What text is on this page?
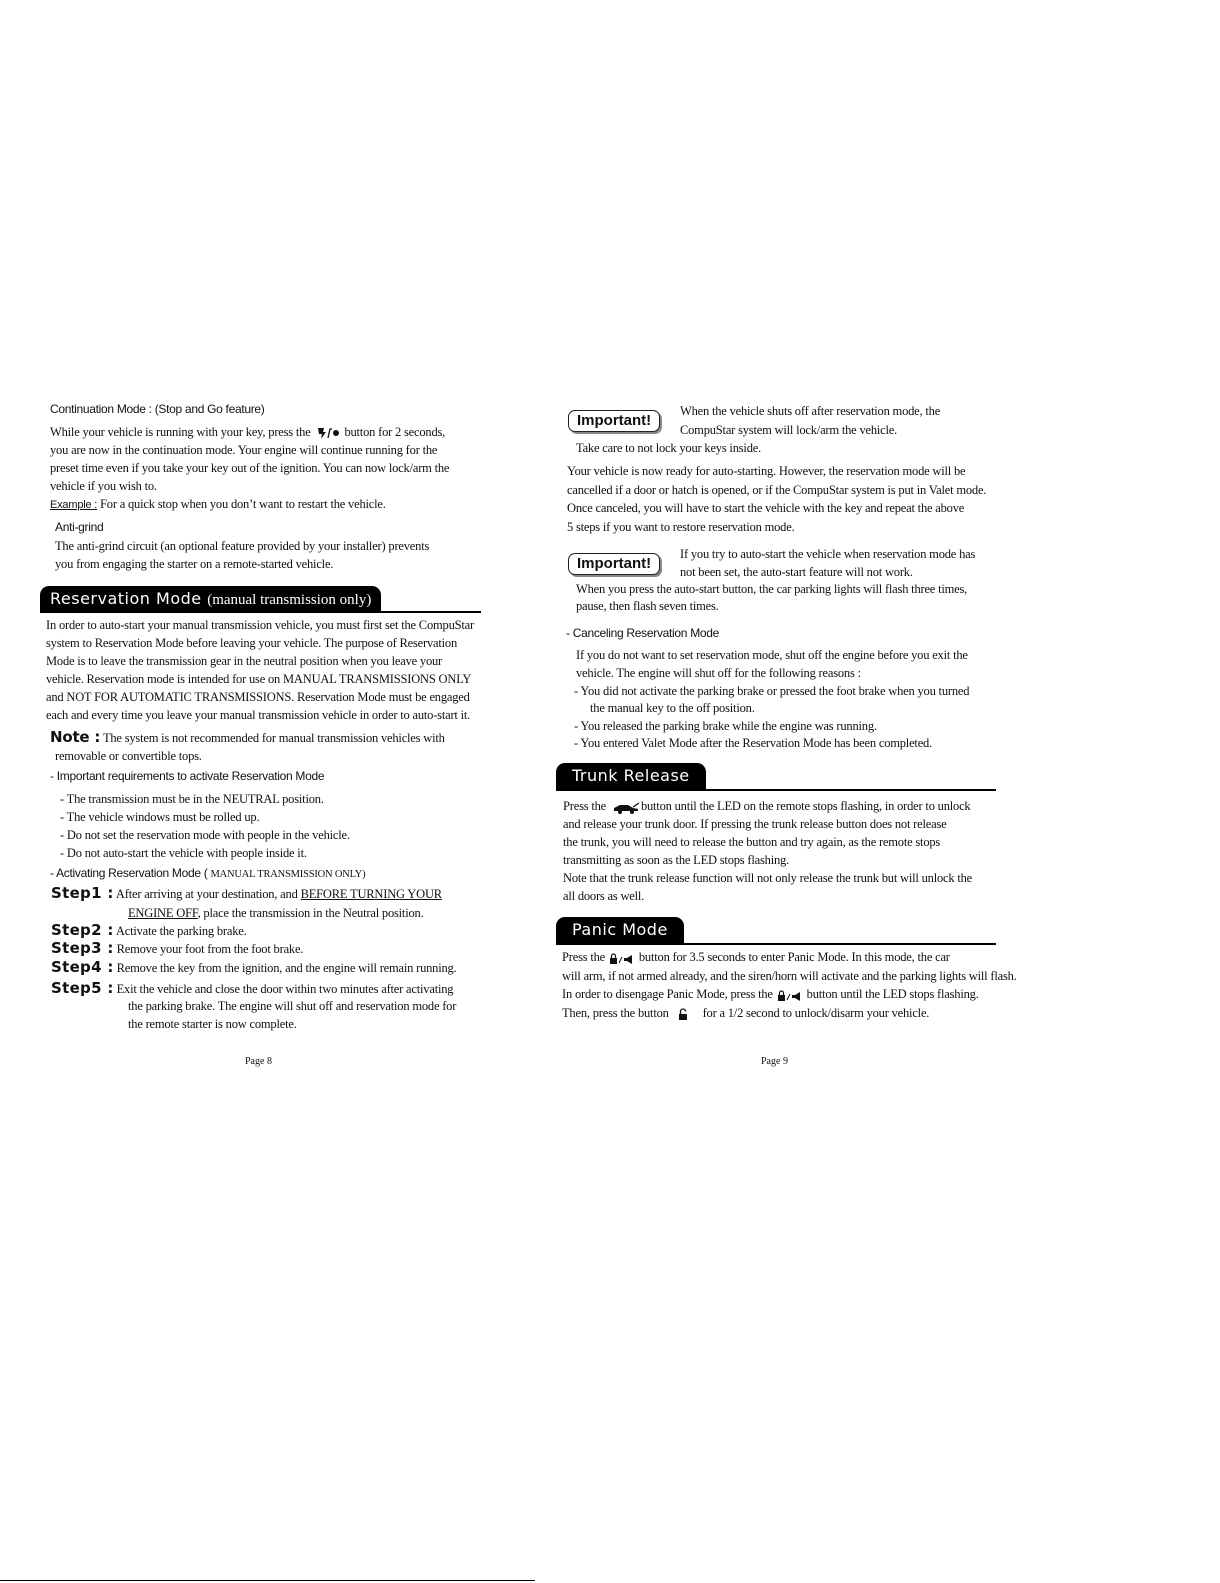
Continuation Mode : (Stop and Go feature)
While your vehicle is running with your key, press the	button for 2 seconds,
you are now in the continuation mode. Your engine will continue running for the
preset time even if you take your key out of the ignition. You can now lock/arm the
vehicle if you wish to.
Example : For a quick stop when you don’t want to restart the vehicle.
Anti-grind
The anti-grind circuit (an optional feature provided by your installer) prevents
you from engaging the starter on a remote-started vehicle.
Reservation Mode (manual transmission only)
In order to auto-start your manual transmission vehicle, you must first set the CompuStar
system to Reservation Mode before leaving your vehicle. The purpose of Reservation
Mode is to leave the transmission gear in the neutral position when you leave your
vehicle. Reservation mode is intended for use on MANUAL TRANSMISSIONS ONLY
and NOT FOR AUTOMATIC TRANSMISSIONS. Reservation Mode must be engaged
each and every time you leave your manual transmission vehicle in order to auto-start it.
Note : The system is not recommended for manual transmission vehicles with
removable or convertible tops.
- Important requirements to activate Reservation Mode
- The transmission must be in the NEUTRAL position.
- The vehicle windows must be rolled up.
- Do not set the reservation mode with people in the vehicle.
- Do not auto-start the vehicle with people inside it.
- Activating Reservation Mode ( MANUAL TRANSMISSION ONLY)
Step1 : After arriving at your destination, and BEFORE TURNING YOUR
ENGINE OFF, place the transmission in the Neutral position.
Step2 : Activate the parking brake.
Step3 : Remove your foot from the foot brake.
Step4 : Remove the key from the ignition, and the engine will remain running.
Step5 : Exit the vehicle and close the door within two minutes after activating
the parking brake. The engine will shut off and reservation mode for
the remote starter is now complete.
Page 8
Important!
When the vehicle shuts off after reservation mode, the
CompuStar system will lock/arm the vehicle.
Take care to not lock your keys inside.
Your vehicle is now ready for auto-starting. However, the reservation mode will be
cancelled if a door or hatch is opened, or if the CompuStar system is put in Valet mode.
Once canceled, you will have to start the vehicle with the key and repeat the above
5 steps if you want to restore reservation mode.
Important!
If you try to auto-start the vehicle when reservation mode has
not been set, the auto-start feature will not work.
When you press the auto-start button, the car parking lights will flash three times,
pause, then flash seven times.
- Canceling Reservation Mode
If you do not want to set reservation mode, shut off the engine before you exit the
vehicle. The engine will shut off for the following reasons :
- You did not activate the parking brake or pressed the foot brake when you turned
the manual key to the off position.
- You released the parking brake while the engine was running.
- You entered Valet Mode after the Reservation Mode has been completed.
Trunk Release
Press the	button until the LED on the remote stops flashing, in order to unlock
and release your trunk door. If pressing the trunk release button does not release
the trunk, you will need to release the button and try again, as the remote stops
transmitting as soon as the LED stops flashing.
Note that the trunk release function will not only release the trunk but will unlock the
all doors as well.
Panic Mode
Press the	button for 3.5 seconds to enter Panic Mode. In this mode, the car
will arm, if not armed already, and the siren/horn will activate and the parking lights will flash.
In order to disengage Panic Mode, press the	button until the LED stops flashing.
Then, press the button	for a 1/2 second to unlock/disarm your vehicle.
Page 9
